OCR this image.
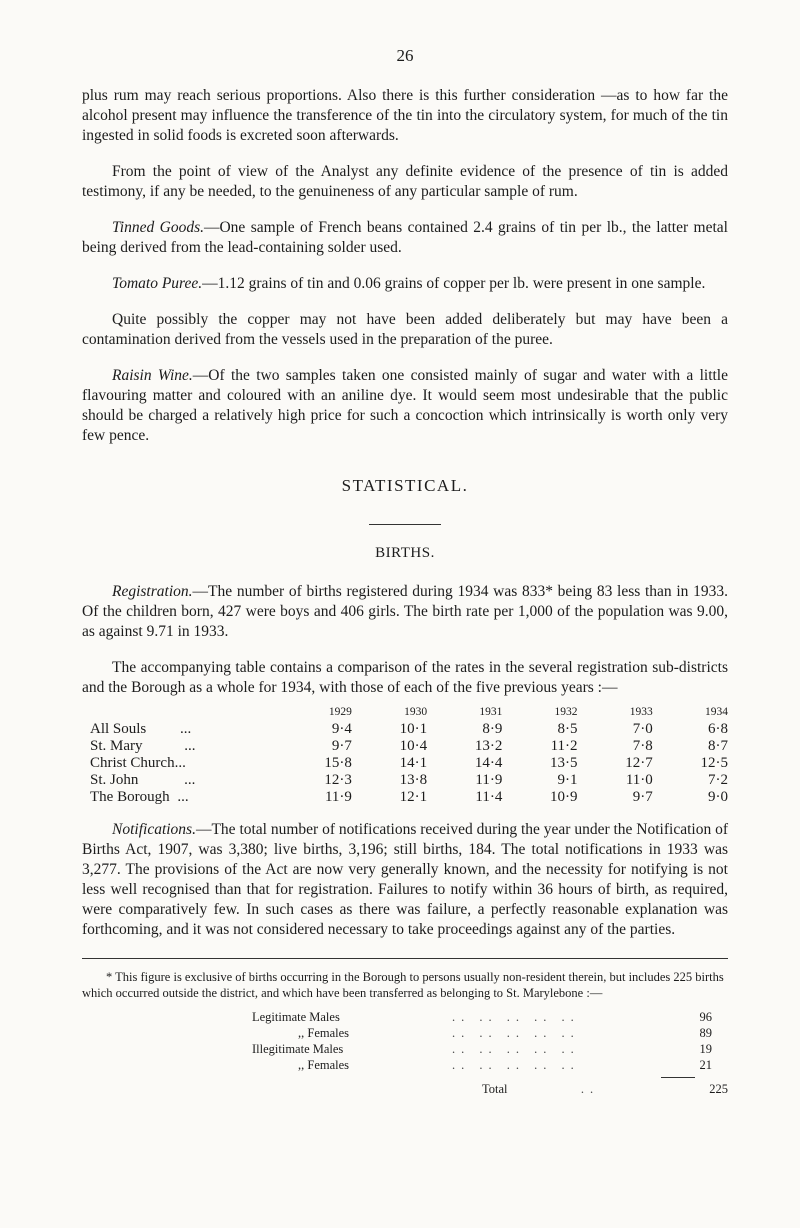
26

plus rum may reach serious proportions. Also there is this further consideration —as to how far the alcohol present may influence the transference of the tin into the circulatory system, for much of the tin ingested in solid foods is excreted soon afterwards.

From the point of view of the Analyst any definite evidence of the presence of tin is added testimony, if any be needed, to the genuineness of any particular sample of rum.

Tinned Goods.—One sample of French beans contained 2.4 grains of tin per lb., the latter metal being derived from the lead-containing solder used.

Tomato Puree.—1.12 grains of tin and 0.06 grains of copper per lb. were present in one sample.

Quite possibly the copper may not have been added deliberately but may have been a contamination derived from the vessels used in the preparation of the puree.

Raisin Wine.—Of the two samples taken one consisted mainly of sugar and water with a little flavouring matter and coloured with an aniline dye. It would seem most undesirable that the public should be charged a relatively high price for such a concoction which intrinsically is worth only very few pence.

STATISTICAL.
BIRTHS.

Registration.—The number of births registered during 1934 was 833* being 83 less than in 1933. Of the children born, 427 were boys and 406 girls. The birth rate per 1,000 of the population was 9.00, as against 9.71 in 1933.

The accompanying table contains a comparison of the rates in the several registration sub-districts and the Borough as a whole for 1934, with those of each of the five previous years :—

	1929	1930	1931	1932	1933	1934
All Souls ...	9·4	10·1	8·9	8·5	7·0	6·8
St. Mary ...	9·7	10·4	13·2	11·2	7·8	8·7
Christ Church...	15·8	14·1	14·4	13·5	12·7	12·5
St. John ...	12·3	13·8	11·9	9·1	11·0	7·2
The Borough ...	11·9	12·1	11·4	10·9	9·7	9·0

Notifications.—The total number of notifications received during the year under the Notification of Births Act, 1907, was 3,380; live births, 3,196; still births, 184. The total notifications in 1933 was 3,277. The provisions of the Act are now very generally known, and the necessity for notifying is not less well recognised than that for registration. Failures to notify within 36 hours of birth, as required, were comparatively few. In such cases as there was failure, a perfectly reasonable explanation was forthcoming, and it was not considered necessary to take proceedings against any of the parties.

* This figure is exclusive of births occurring in the Borough to persons usually non-resident therein, but includes 225 births which occurred outside the district, and which have been transferred as belonging to St. Marylebone :—
Legitimate Males	.. .. .. .. ..	96
,, Females	.. .. .. .. ..	89
Illegitimate Males	.. .. .. .. ..	19
,, Females	.. .. .. .. ..	21
Total	..	225
